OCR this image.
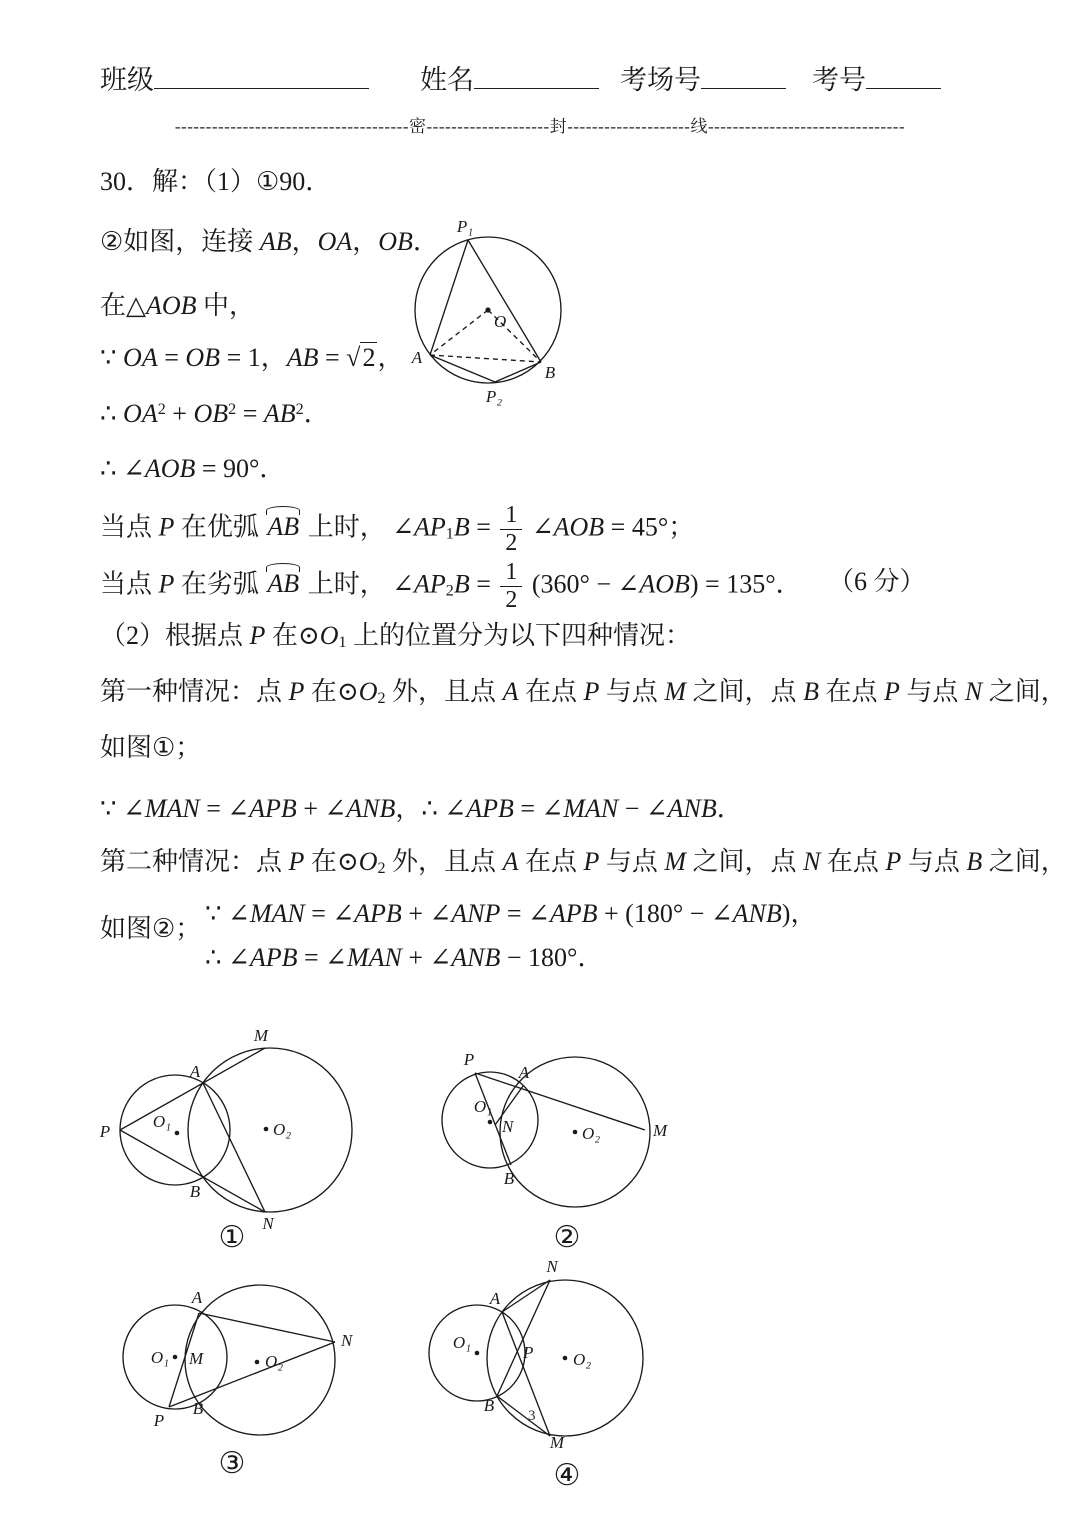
班级	姓名	考场号	考号
--------------------------------------密--------------------封--------------------线--------------------------------
30．解：（1）①90．
②如图，连接 AB，OA，OB．
在△AOB 中，
∵ OA = OB = 1，AB = √2，
∴ $OA^2 + OB^2 = AB^2$．
∴ ∠AOB = 90°．
当点 P 在优弧 AB 上时， $\angle AP_1B = \frac{1}{2}$ ∠AOB = 45°；
当点 P 在劣弧 AB 上时， $\angle AP_2B = \frac{1}{2} (360^\circ$ − ∠AOB) = 135°． （6 分）
（2）根据点 P 在$⊙O_1$ 上的位置分为以下四种情况：
第一种情况：点 P 在$⊙O_2$ 外，且点 A 在点 P 与点 M 之间，点 B 在点 P 与点 N 之间，
如图①；
∵ ∠MAN = ∠APB + ∠ANB，∴ ∠APB = ∠MAN − ∠ANB．
第二种情况：点 P 在$⊙O_2$ 外，且点 A 在点 P 与点 M 之间，点 N 在点 P 与点 B 之间，
如图②；
∵ ∠MAN = ∠APB + ∠ANP = ∠APB + (180° − ∠ANB)，
∴ ∠APB = ∠MAN + ∠ANB − 180°．
P₁
A
B
P₂
O
O₁	O₂
P
A
B
M
N
①
O₁
O₂
P
A
B
M
N
②
O₁	O₂
M
A
B
P
N
③
O₁
O₂
A
N
P
B
M
④
3
